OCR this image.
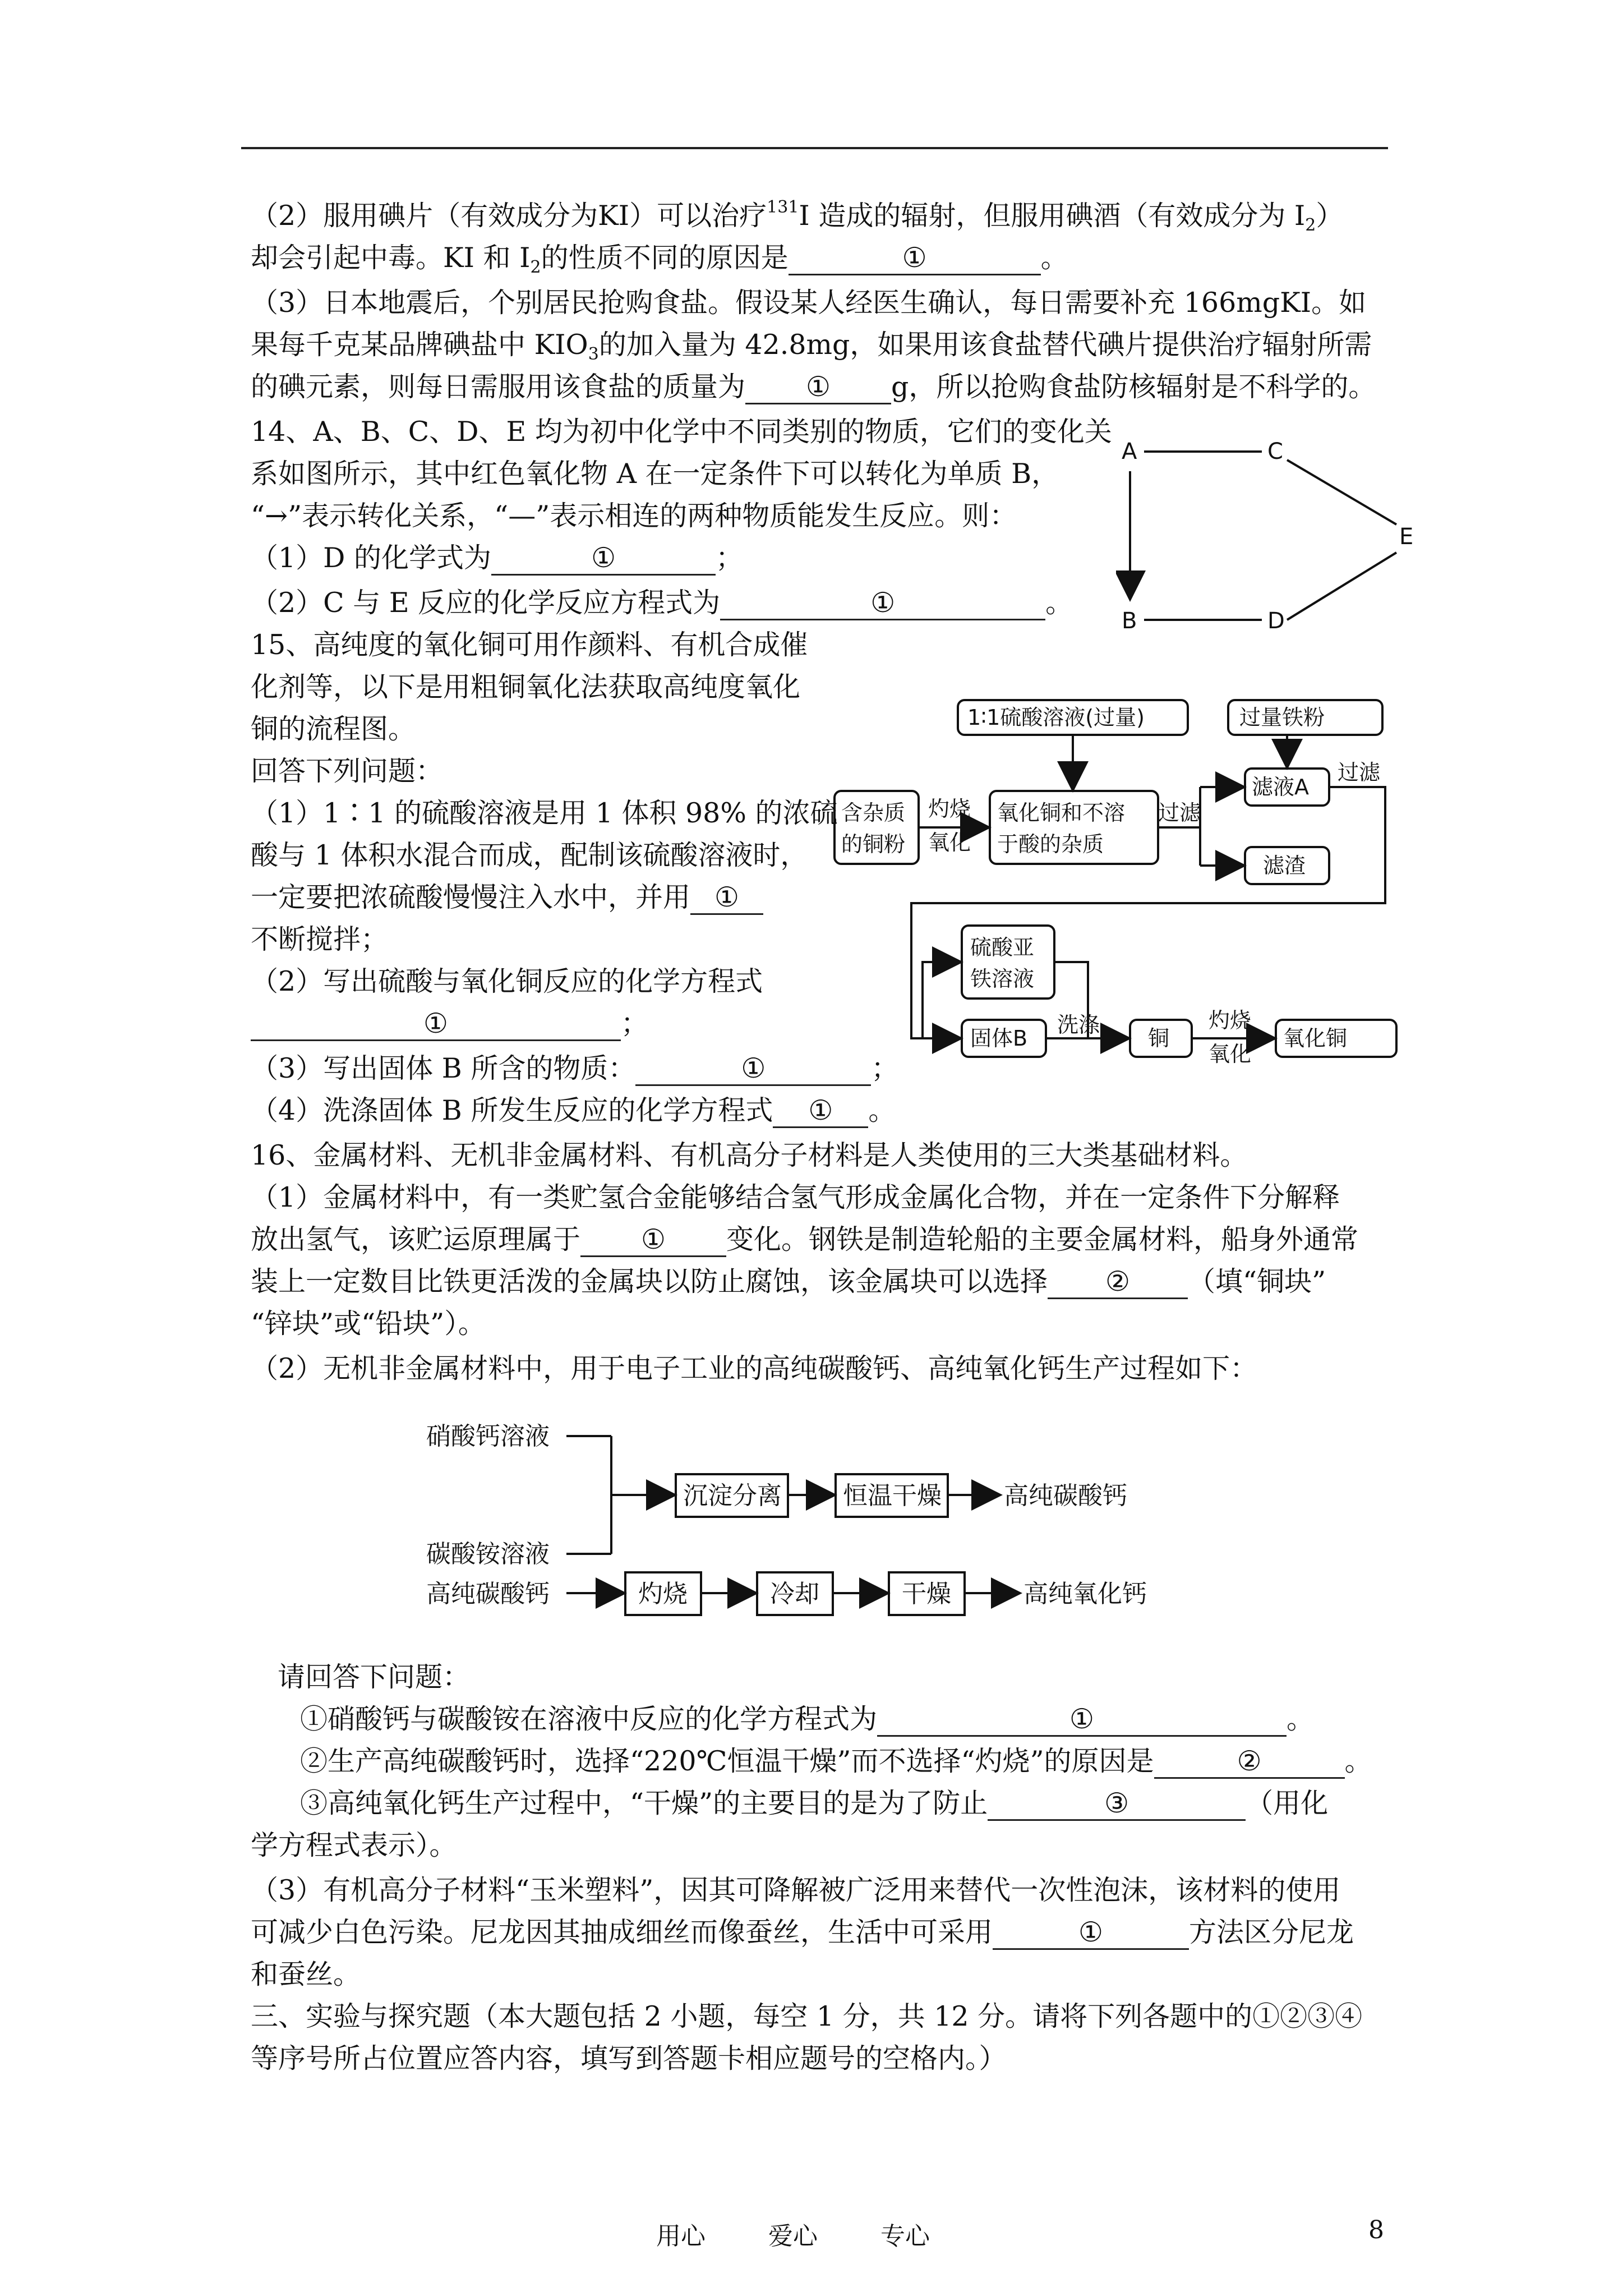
（2）服用碘片（有效成分为KI）可以治疗$^{131}$I 造成的辐射，但服用碘酒（有效成分为 $I_2$）
却会引起中毒。KI 和 $I_2$的性质不同的原因是	①	。
（3）日本地震后，个别居民抢购食盐。假设某人经医生确认，每日需要补充 166mgKI。如
果每千克某品牌碘盐中 $KIO_3$的加入量为 42.8mg，如果用该食盐替代碘片提供治疗辐射所需
的碘元素，则每日需服用该食盐的质量为 ① g，所以抢购食盐防核辐射是不科学的。
14、A、B、C、D、E 均为初中化学中不同类别的物质，它们的变化关
系如图所示，其中红色氧化物 A 在一定条件下可以转化为单质 B，
“→”表示转化关系，“—”表示相连的两种物质能发生反应。则：
（1）D 的化学式为	①	；
（2）C 与 E 反应的化学反应方程式为	①	。
A	C
E
B	D
15、高纯度的氧化铜可用作颜料、有机合成催
化剂等，以下是用粗铜氧化法获取高纯度氧化
铜的流程图。
回答下列问题：
（1）1∶1 的硫酸溶液是用 1 体积 98% 的浓硫
酸与 1 体积水混合而成，配制该硫酸溶液时，
一定要把浓硫酸慢慢注入水中，并用 ①
不断搅拌；
（2）写出硫酸与氧化铜反应的化学方程式
①	；
（3）写出固体 B 所含的物质：	①	；
（4）洗涤固体 B 所发生反应的化学方程式 ① 。
1∶1硫酸溶液(过量)	过量铁粉
含杂质
的铜粉
灼烧
氧化
氧化铜和不溶
于酸的杂质
过滤
滤液A
过滤
滤渣
硫酸亚
铁溶液
固体B
洗涤
铜
灼烧
氧化
氧化铜
16、金属材料、无机非金属材料、有机高分子材料是人类使用的三大类基础材料。
（1）金属材料中，有一类贮氢合金能够结合氢气形成金属化合物，并在一定条件下分解释
放出氢气，该贮运原理属于 ① 变化。钢铁是制造轮船的主要金属材料，船身外通常
装上一定数目比铁更活泼的金属块以防止腐蚀，该金属块可以选择 ② （填“铜块”
“锌块”或“铅块”）。
（2）无机非金属材料中，用于电子工业的高纯碳酸钙、高纯氧化钙生产过程如下：
硝酸钙溶液
碳酸铵溶液
沉淀分离 恒温干燥	高纯碳酸钙
高纯碳酸钙	灼烧	冷却	干燥	高纯氧化钙
请回答下问题：
①硝酸钙与碳酸铵在溶液中反应的化学方程式为	①	。
②生产高纯碳酸钙时，选择“220℃恒温干燥”而不选择“灼烧”的原因是	②	。
③高纯氧化钙生产过程中，“干燥”的主要目的是为了防止	③	（用化
学方程式表示）。
（3）有机高分子材料“玉米塑料”，因其可降解被广泛用来替代一次性泡沫，该材料的使用
可减少白色污染。尼龙因其抽成细丝而像蚕丝，生活中可采用	①	方法区分尼龙
和蚕丝。
三、实验与探究题（本大题包括 2 小题，每空 1 分，共 12 分。请将下列各题中的①②③④
等序号所占位置应答内容，填写到答题卡相应题号的空格内。）
用心	爱心	专心	8
